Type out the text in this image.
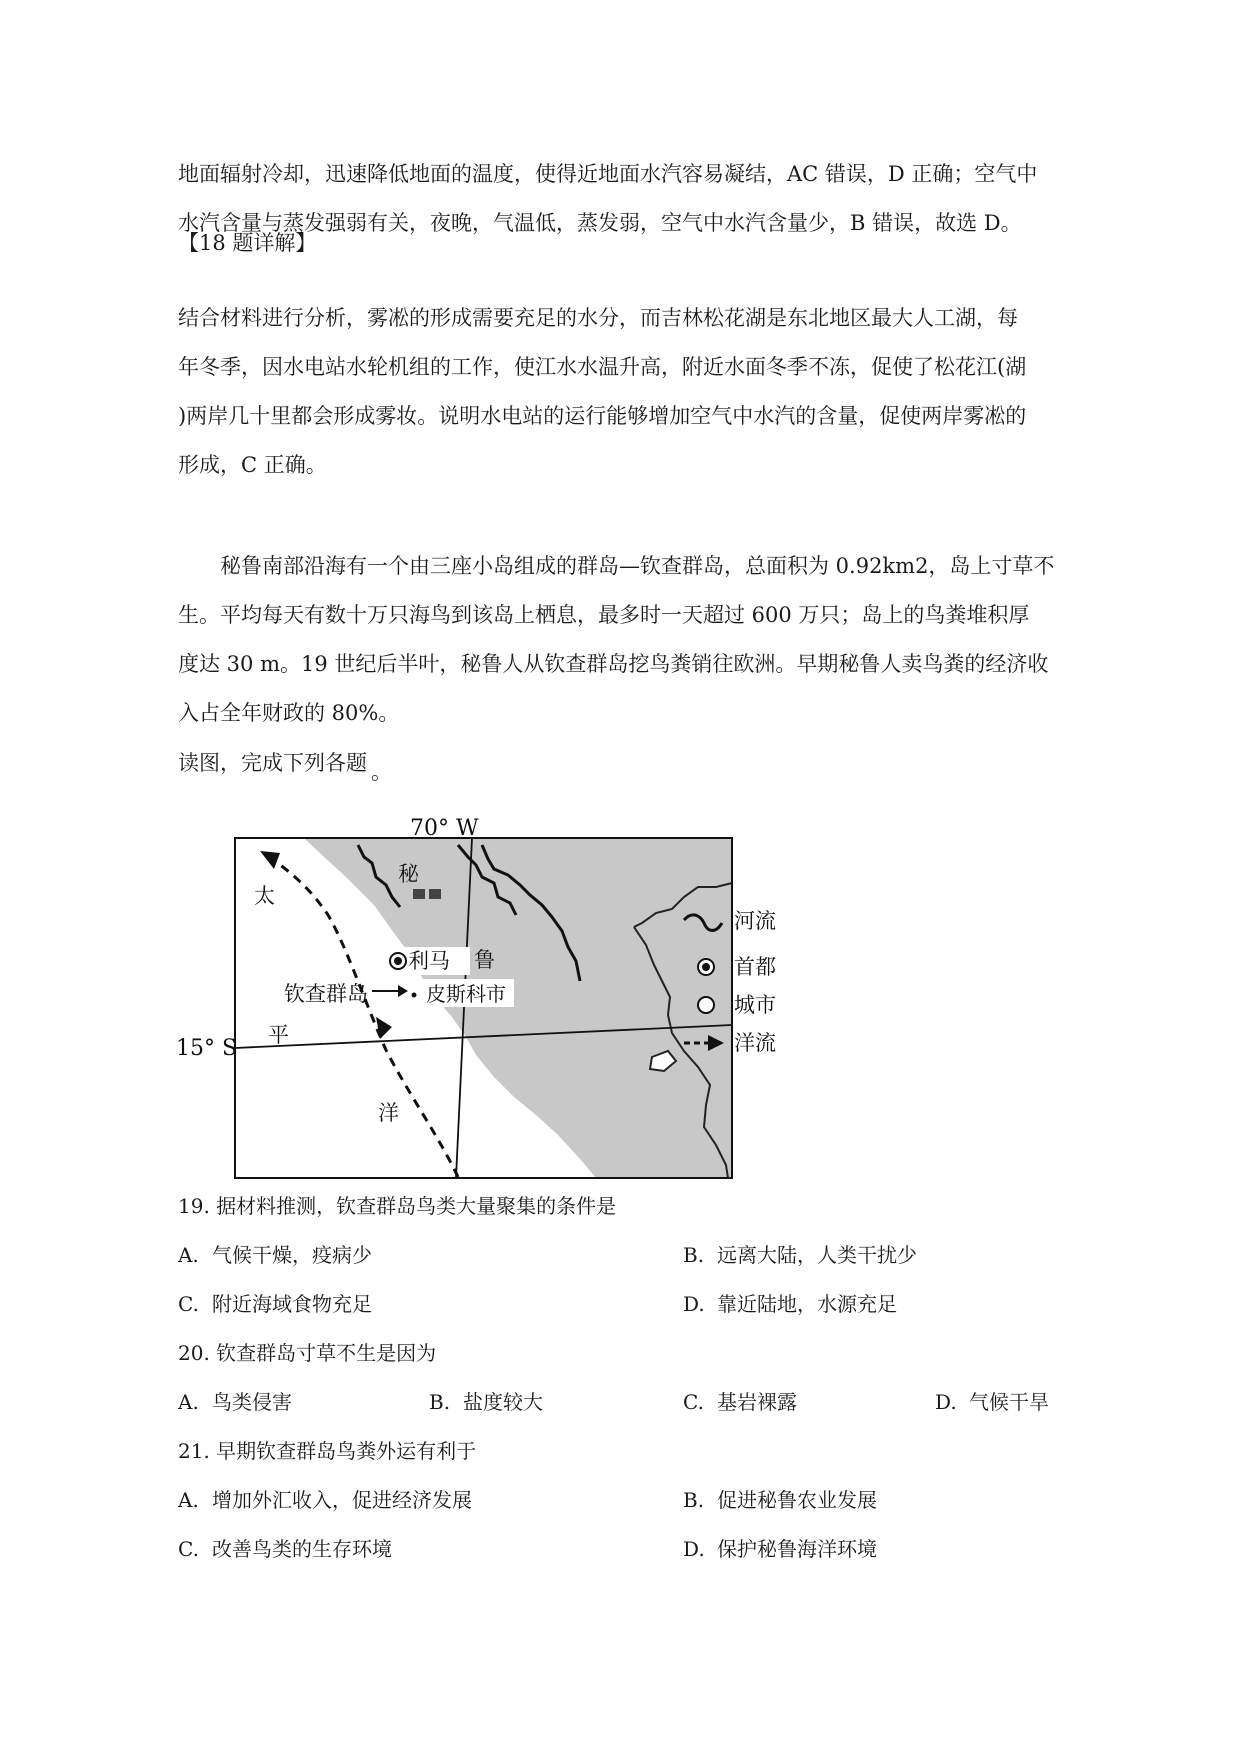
地面辐射冷却，迅速降低地面的温度，使得近地面水汽容易凝结，AC 错误，D 正确；空气中
水汽含量与蒸发强弱有关，夜晚，气温低，蒸发弱，空气中水汽含量少，B 错误，故选 D。
【18 题详解】
结合材料进行分析，雾凇的形成需要充足的水分，而吉林松花湖是东北地区最大人工湖，每
年冬季，因水电站水轮机组的工作，使江水水温升高，附近水面冬季不冻，促使了松花江(湖
)两岸几十里都会形成雾妆。说明水电站的运行能够增加空气中水汽的含量，促使两岸雾凇的
形成，C 正确。
秘鲁南部沿海有一个由三座小岛组成的群岛—钦查群岛，总面积为 0.92km2，岛上寸草不
生。平均每天有数十万只海鸟到该岛上栖息，最多时一天超过 600 万只；岛上的鸟粪堆积厚
度达 30 m。19 世纪后半叶，秘鲁人从钦查群岛挖鸟粪销往欧洲。早期秘鲁人卖鸟粪的经济收
入占全年财政的 80%。
读图，完成下列各题 。
70° W
15° S
太
平
洋
秘
鲁
利马
皮斯科市
钦查群岛
河流
首都
城市
洋流
19. 据材料推测，钦查群岛鸟类大量聚集的条件是
A. 气候干燥，疫病少	B. 远离大陆，人类干扰少
C. 附近海域食物充足	D. 靠近陆地，水源充足
20. 钦查群岛寸草不生是因为
A. 鸟类侵害	B. 盐度较大	C. 基岩裸露	D. 气候干旱
21. 早期钦查群岛鸟粪外运有利于
A. 增加外汇收入，促进经济发展	B. 促进秘鲁农业发展
C. 改善鸟类的生存环境	D. 保护秘鲁海洋环境
